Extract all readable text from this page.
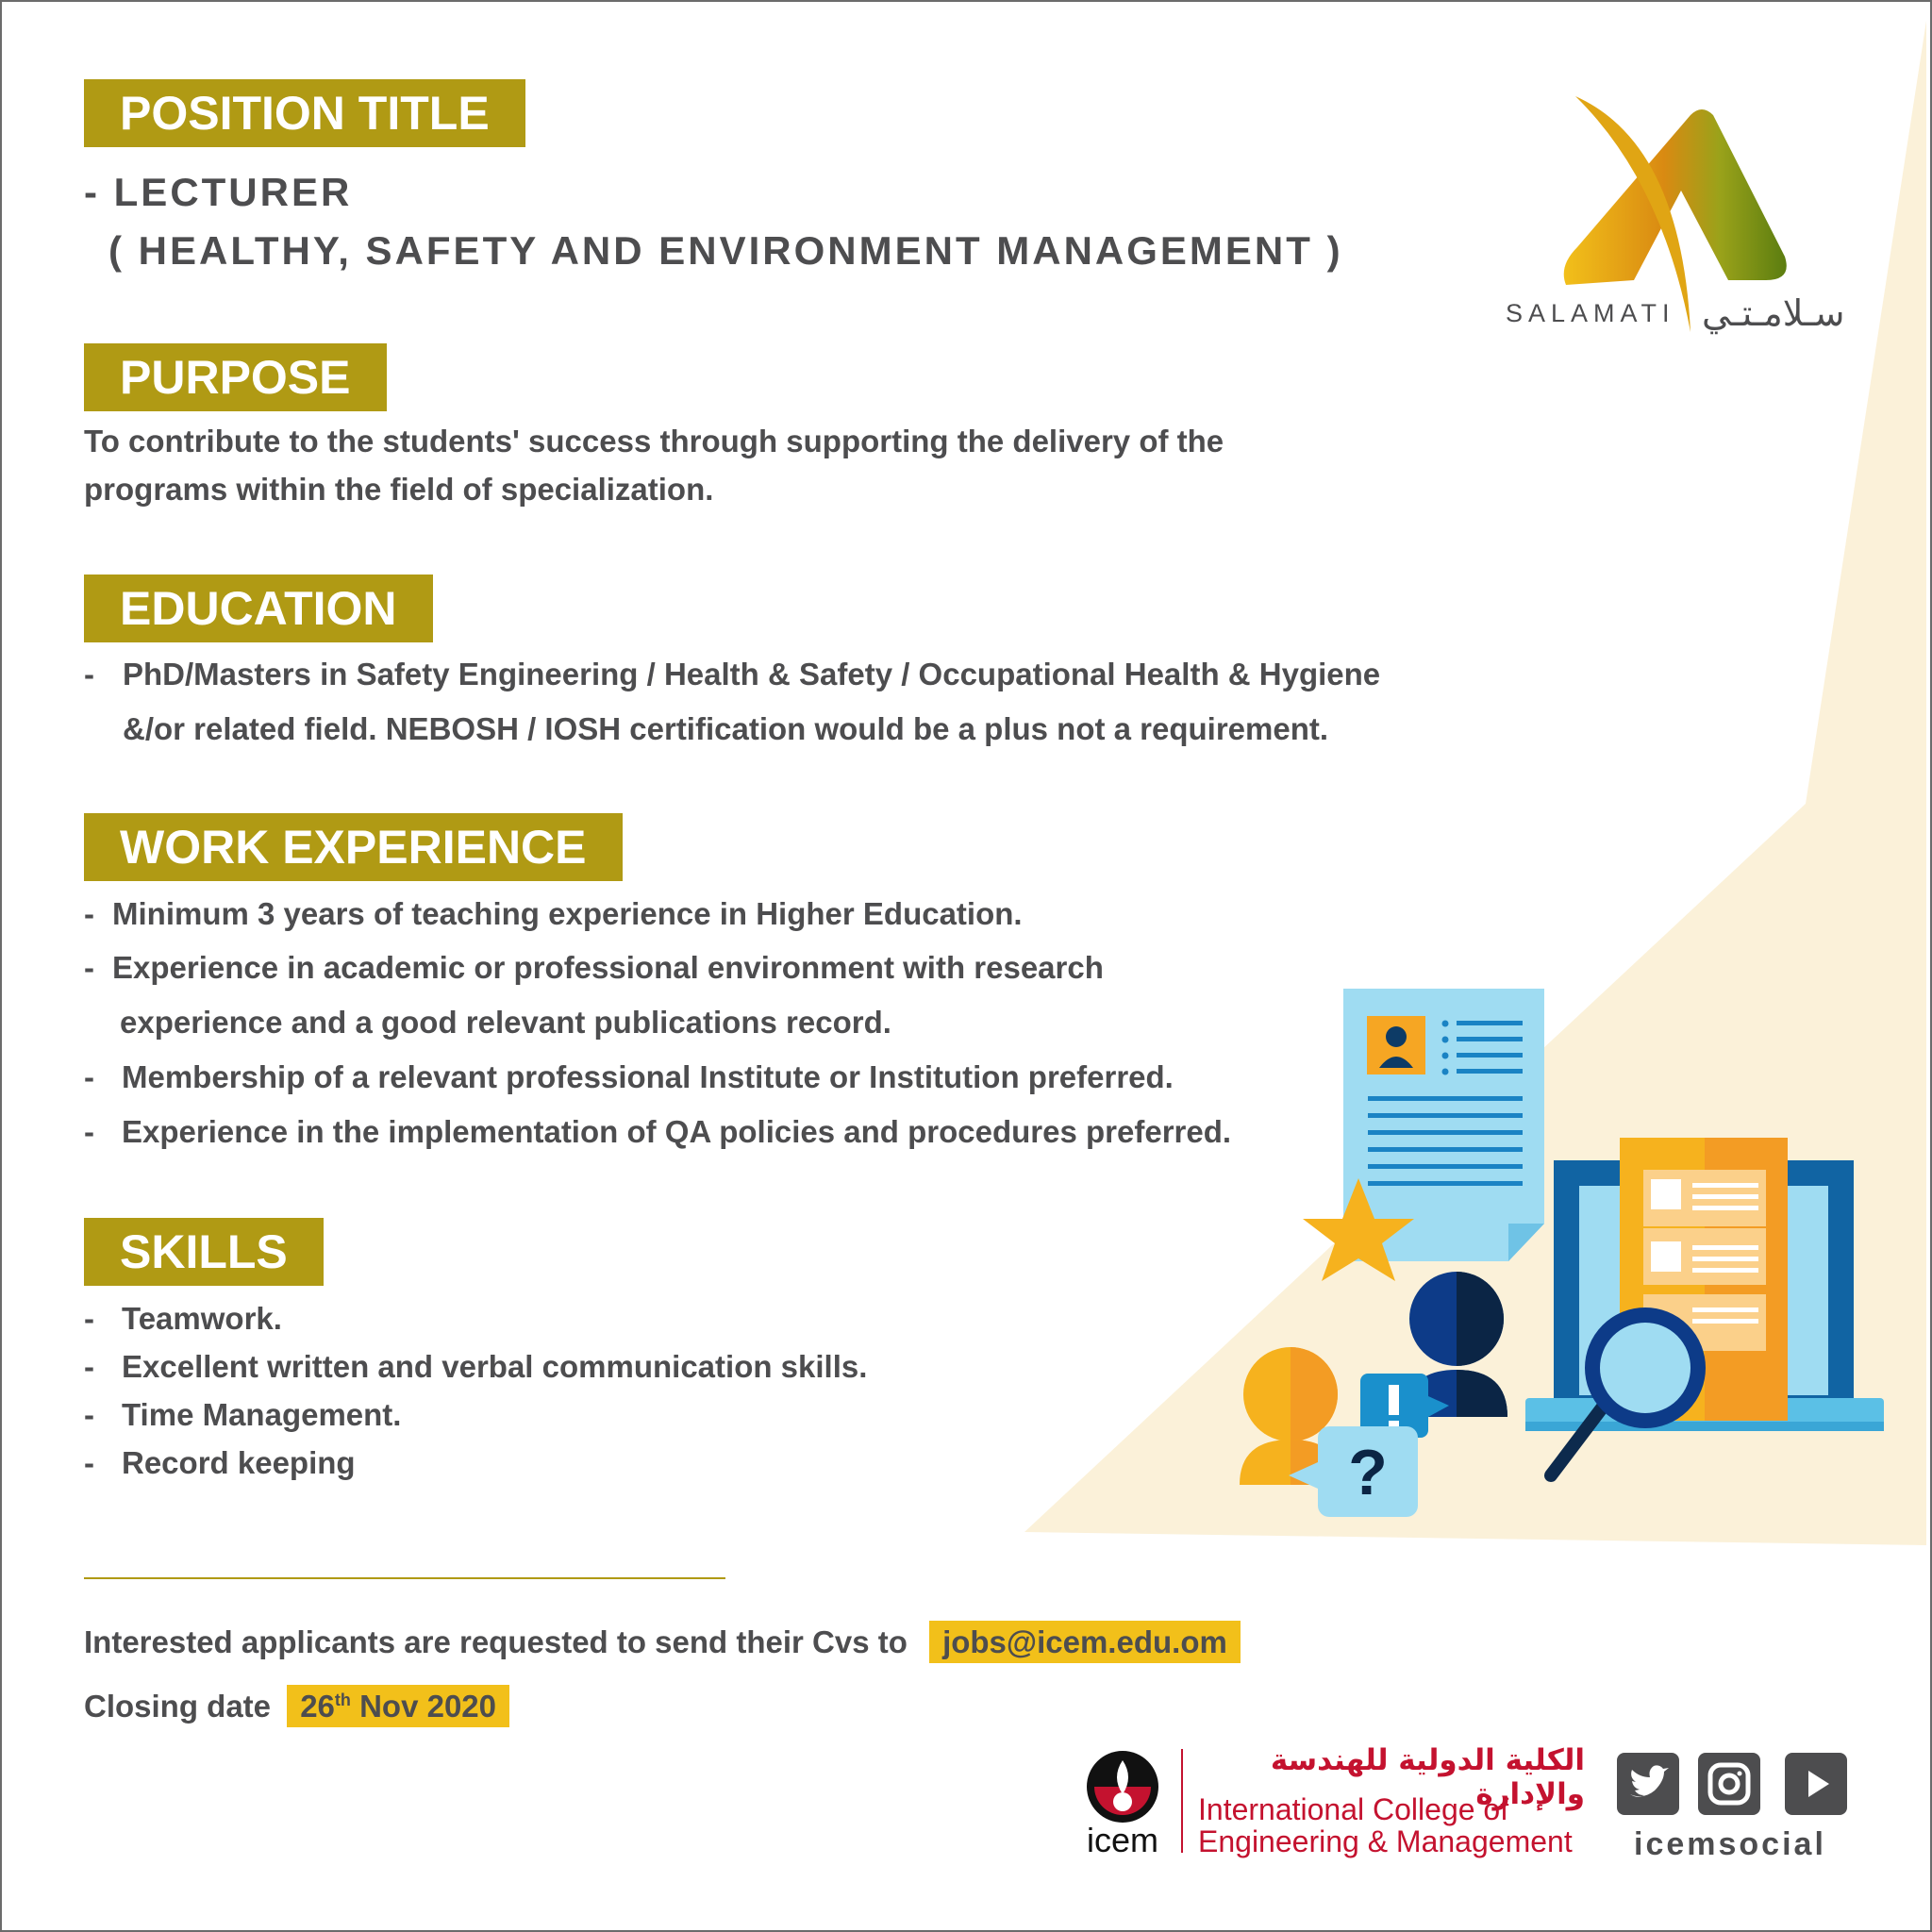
?
SALAMATI سـلامـتـي
POSITION TITLE
- LECTURER
( HEALTHY, SAFETY AND ENVIRONMENT MANAGEMENT )
PURPOSE
To contribute to the students' success through supporting the delivery of the
programs within the field of specialization.
EDUCATION
- PhD/Masters in Safety Engineering / Health & Safety / Occupational Health & Hygiene
&/or related field. NEBOSH / IOSH certification would be a plus not a requirement.
WORK EXPERIENCE
- Minimum 3 years of teaching experience in Higher Education.
- Experience in academic or professional environment with research
experience and a good relevant publications record.
- Membership of a relevant professional Institute or Institution preferred.
- Experience in the implementation of QA policies and procedures preferred.
SKILLS
- Teamwork.
- Excellent written and verbal communication skills.
- Time Management.
- Record keeping
Interested applicants are requested to send their Cvs to jobs@icem.edu.om
Closing date 26th Nov 2020
icem
الكلية الدولية للهندسة والإدارة
International College of
Engineering & Management icemsocial
